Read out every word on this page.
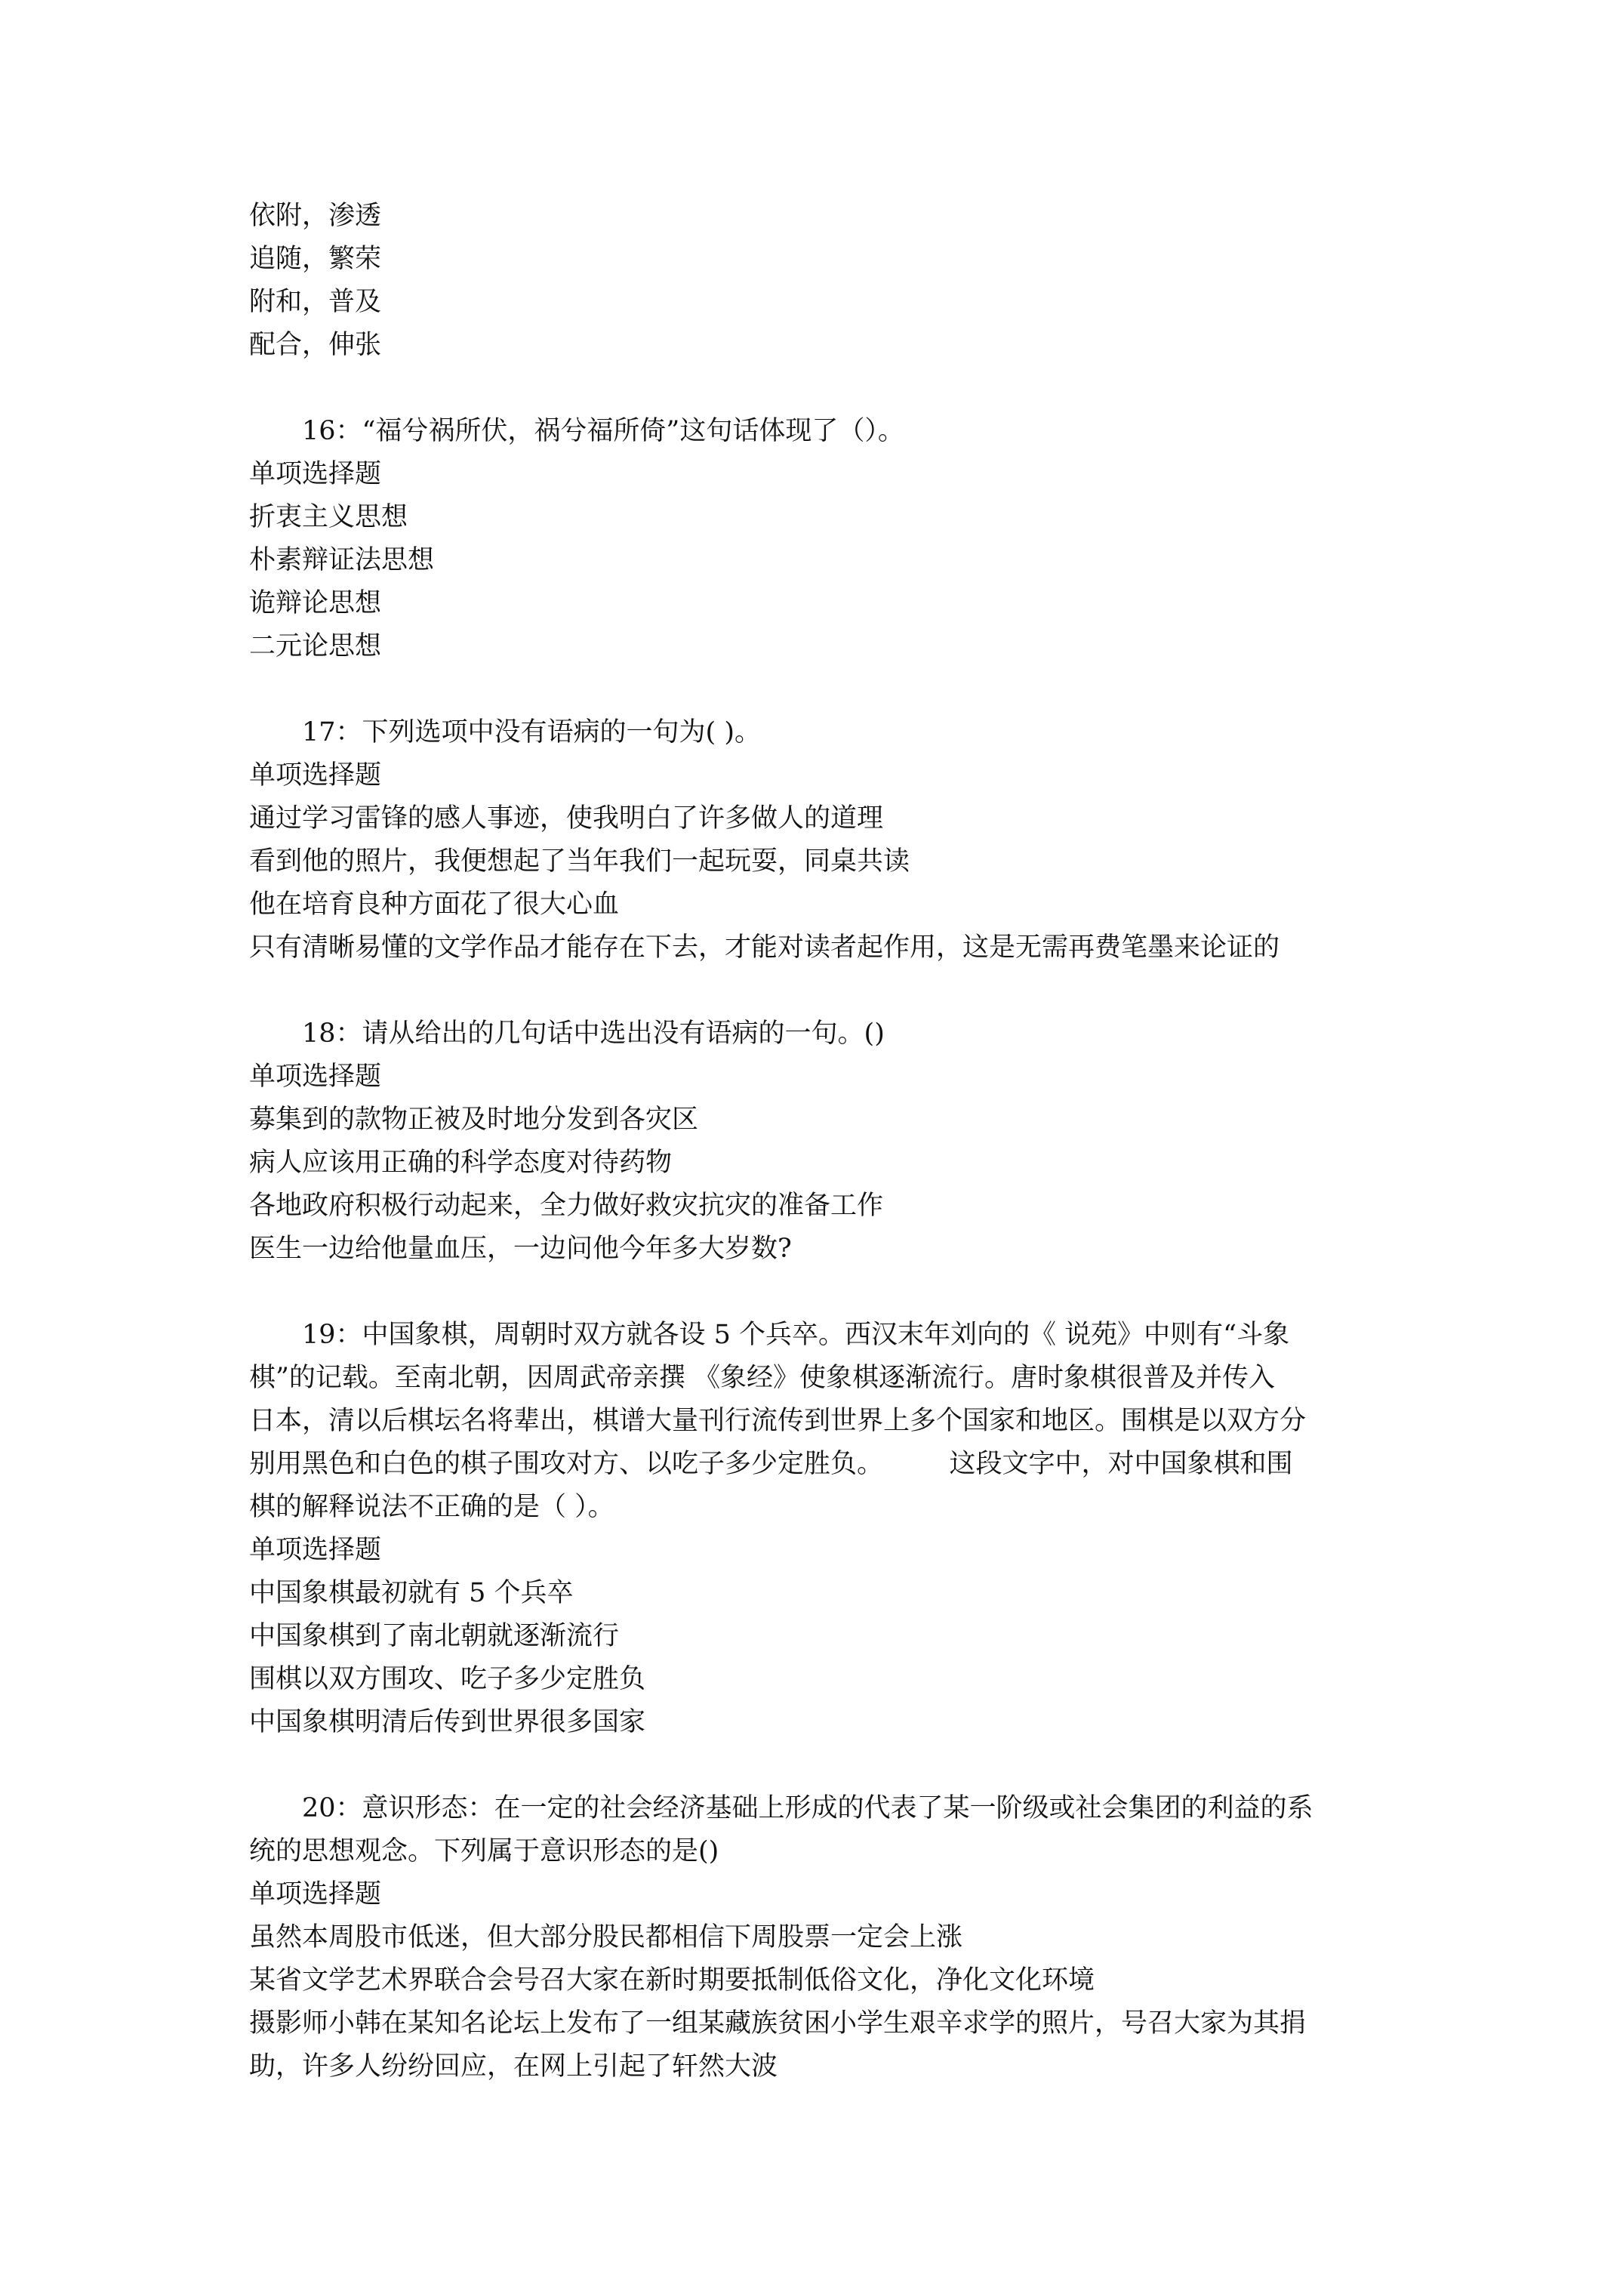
依附，渗透
追随，繁荣
附和，普及
配合，伸张
16：“福兮祸所伏，祸兮福所倚”这句话体现了（）。
单项选择题
折衷主义思想
朴素辩证法思想
诡辩论思想
二元论思想
17：下列选项中没有语病的一句为( )。
单项选择题
通过学习雷锋的感人事迹，使我明白了许多做人的道理
看到他的照片，我便想起了当年我们一起玩耍，同桌共读
他在培育良种方面花了很大心血
只有清晰易懂的文学作品才能存在下去，才能对读者起作用，这是无需再费笔墨来论证的
18：请从给出的几句话中选出没有语病的一句。()
单项选择题
募集到的款物正被及时地分发到各灾区
病人应该用正确的科学态度对待药物
各地政府积极行动起来，全力做好救灾抗灾的准备工作
医生一边给他量血压，一边问他今年多大岁数?
19：中国象棋，周朝时双方就各设 5 个兵卒。西汉末年刘向的《 说苑》中则有“斗象
棋”的记载。至南北朝，因周武帝亲撰 《象经》使象棋逐渐流行。唐时象棋很普及并传入
日本，清以后棋坛名将辈出，棋谱大量刊行流传到世界上多个国家和地区。围棋是以双方分
别用黑色和白色的棋子围攻对方、以吃子多少定胜负。　　　这段文字中，对中国象棋和围
棋的解释说法不正确的是（ ）。
单项选择题
中国象棋最初就有 5 个兵卒
中国象棋到了南北朝就逐渐流行
围棋以双方围攻、吃子多少定胜负
中国象棋明清后传到世界很多国家
20：意识形态：在一定的社会经济基础上形成的代表了某一阶级或社会集团的利益的系
统的思想观念。下列属于意识形态的是()
单项选择题
虽然本周股市低迷，但大部分股民都相信下周股票一定会上涨
某省文学艺术界联合会号召大家在新时期要抵制低俗文化，净化文化环境
摄影师小韩在某知名论坛上发布了一组某藏族贫困小学生艰辛求学的照片，号召大家为其捐
助，许多人纷纷回应，在网上引起了轩然大波
